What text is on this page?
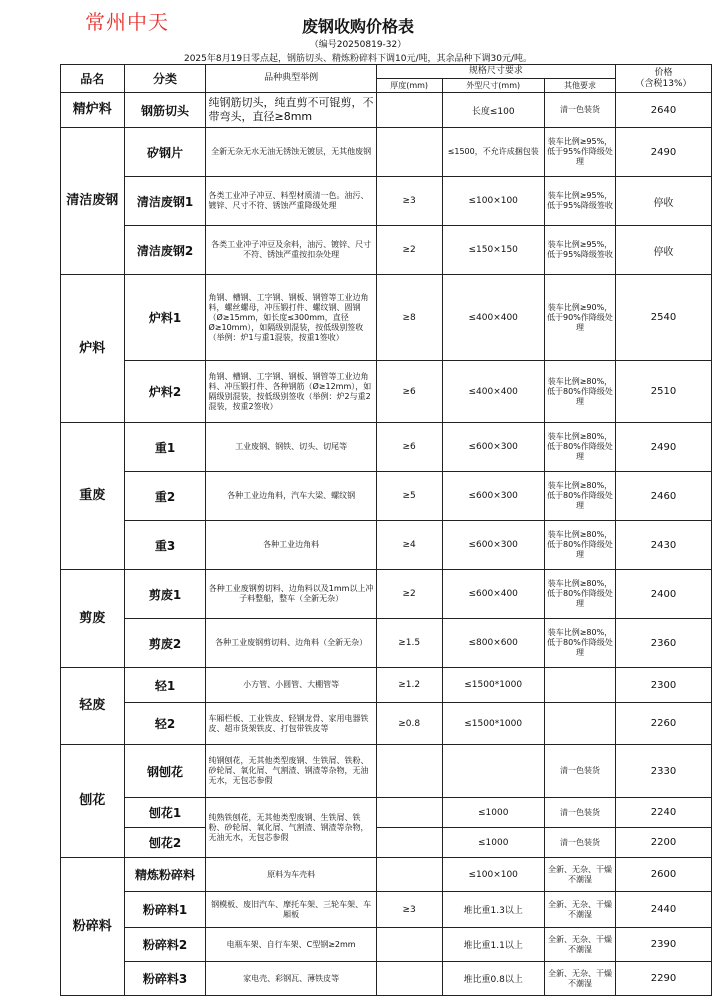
常州中天	废钢收购价格表
（编号20250819-32）
2025年8月19日零点起，钢筋切头、精炼粉碎料下调10元/吨，其余品种下调30元/吨。
品名	分类	品种典型举例	规格尺寸要求			价格
（含税13%）
			厚度(mm)	外型尺寸(mm)	其他要求	
精炉料	钢筋切头	纯钢筋切头，纯直剪不可锟剪，不带弯头，直径≥8mm		长度≤100	清一色装货	2640
清洁废钢	矽钢片	全新无杂无水无油无锈蚀无镀层，无其他废钢		≤1500，不允许成捆包装	装车比例≥95%，低于95%作降级处理	2490
	清洁废钢1	各类工业冲子冲豆、料型材质清一色。油污、镀锌、尺寸不符、锈蚀严重降级处理	≥3	≤100×100	装车比例≥95%，低于95%降级签收	停收
	清洁废钢2	各类工业冲子冲豆及余料，油污、镀锌、尺寸不符、锈蚀严重按扣杂处理	≥2	≤150×150	装车比例≥95%，低于95%降级签收	停收
炉料	炉料1	角钢、槽钢、工字钢、钢板、钢管等工业边角料，螺丝螺母，冲压锻打件、螺纹钢、圆钢（Ø≥15mm，如长度≤300mm，直径Ø≥10mm），如隔级别混装，按低级别签收（举例：炉1与重1混装，按重1签收）	≥8	≤400×400	装车比例≥90%，低于90%作降级处理	2540
	炉料2	角钢、槽钢、工字钢、钢板、钢管等工业边角料、冲压锻打件、各种钢筋（Ø≥12mm），如隔级别混装，按低级别签收（举例：炉2与重2混装，按重2签收）	≥6	≤400×400	装车比例≥80%，低于80%作降级处理	2510
重废	重1	工业废钢、钢铁、切头、切尾等	≥6	≤600×300	装车比例≥80%，低于80%作降级处理	2490
	重2	各种工业边角料，汽车大梁、螺纹钢	≥5	≤600×300	装车比例≥80%，低于80%作降级处理	2460
	重3	各种工业边角料	≥4	≤600×300	装车比例≥80%，低于80%作降级处理	2430
剪废	剪废1	各种工业废钢剪切料、边角料以及1mm以上冲子料整船，整车（全新无杂）	≥2	≤600×400	装车比例≥80%，低于80%作降级处理	2400
	剪废2	各种工业废钢剪切料、边角料（全新无杂）	≥1.5	≤800×600	装车比例≥80%，低于80%作降级处理	2360
轻废	轻1	小方管、小圆管、大棚管等	≥1.2	≤1500*1000		2300
	轻2	车厢栏板、工业铁皮、轻钢龙骨、家用电器铁皮、超市货架铁皮、打包带铁皮等	≥0.8	≤1500*1000		2260
刨花	钢刨花	纯钢刨花，无其他类型废钢、生铁屑、铁粉、砂轮屑、氧化屑、气割渣、钢渣等杂物，无油无水，无包芯参假			清一色装货	2330
	刨花1	纯熟铁刨花，无其他类型废钢、生铁屑、铁粉、砂轮屑、氧化屑、气割渣、钢渣等杂物，无油无水，无包芯参假		≤1000	清一色装货	2240
	刨花2			≤1000	清一色装货	2200
粉碎料	精炼粉碎料	原料为车壳料		≤100×100	全新、无杂、干燥不潮湿	2600
	粉碎料1	钢模板、废旧汽车、摩托车架、三轮车架、车厢板	≥3	堆比重1.3以上	全新、无杂、干燥不潮湿	2440
	粉碎料2	电瓶车架、自行车架、C型钢≥2mm		堆比重1.1以上	全新、无杂、干燥不潮湿	2390
	粉碎料3	家电壳、彩钢瓦、薄铁皮等		堆比重0.8以上	全新、无杂、干燥不潮湿	2290
